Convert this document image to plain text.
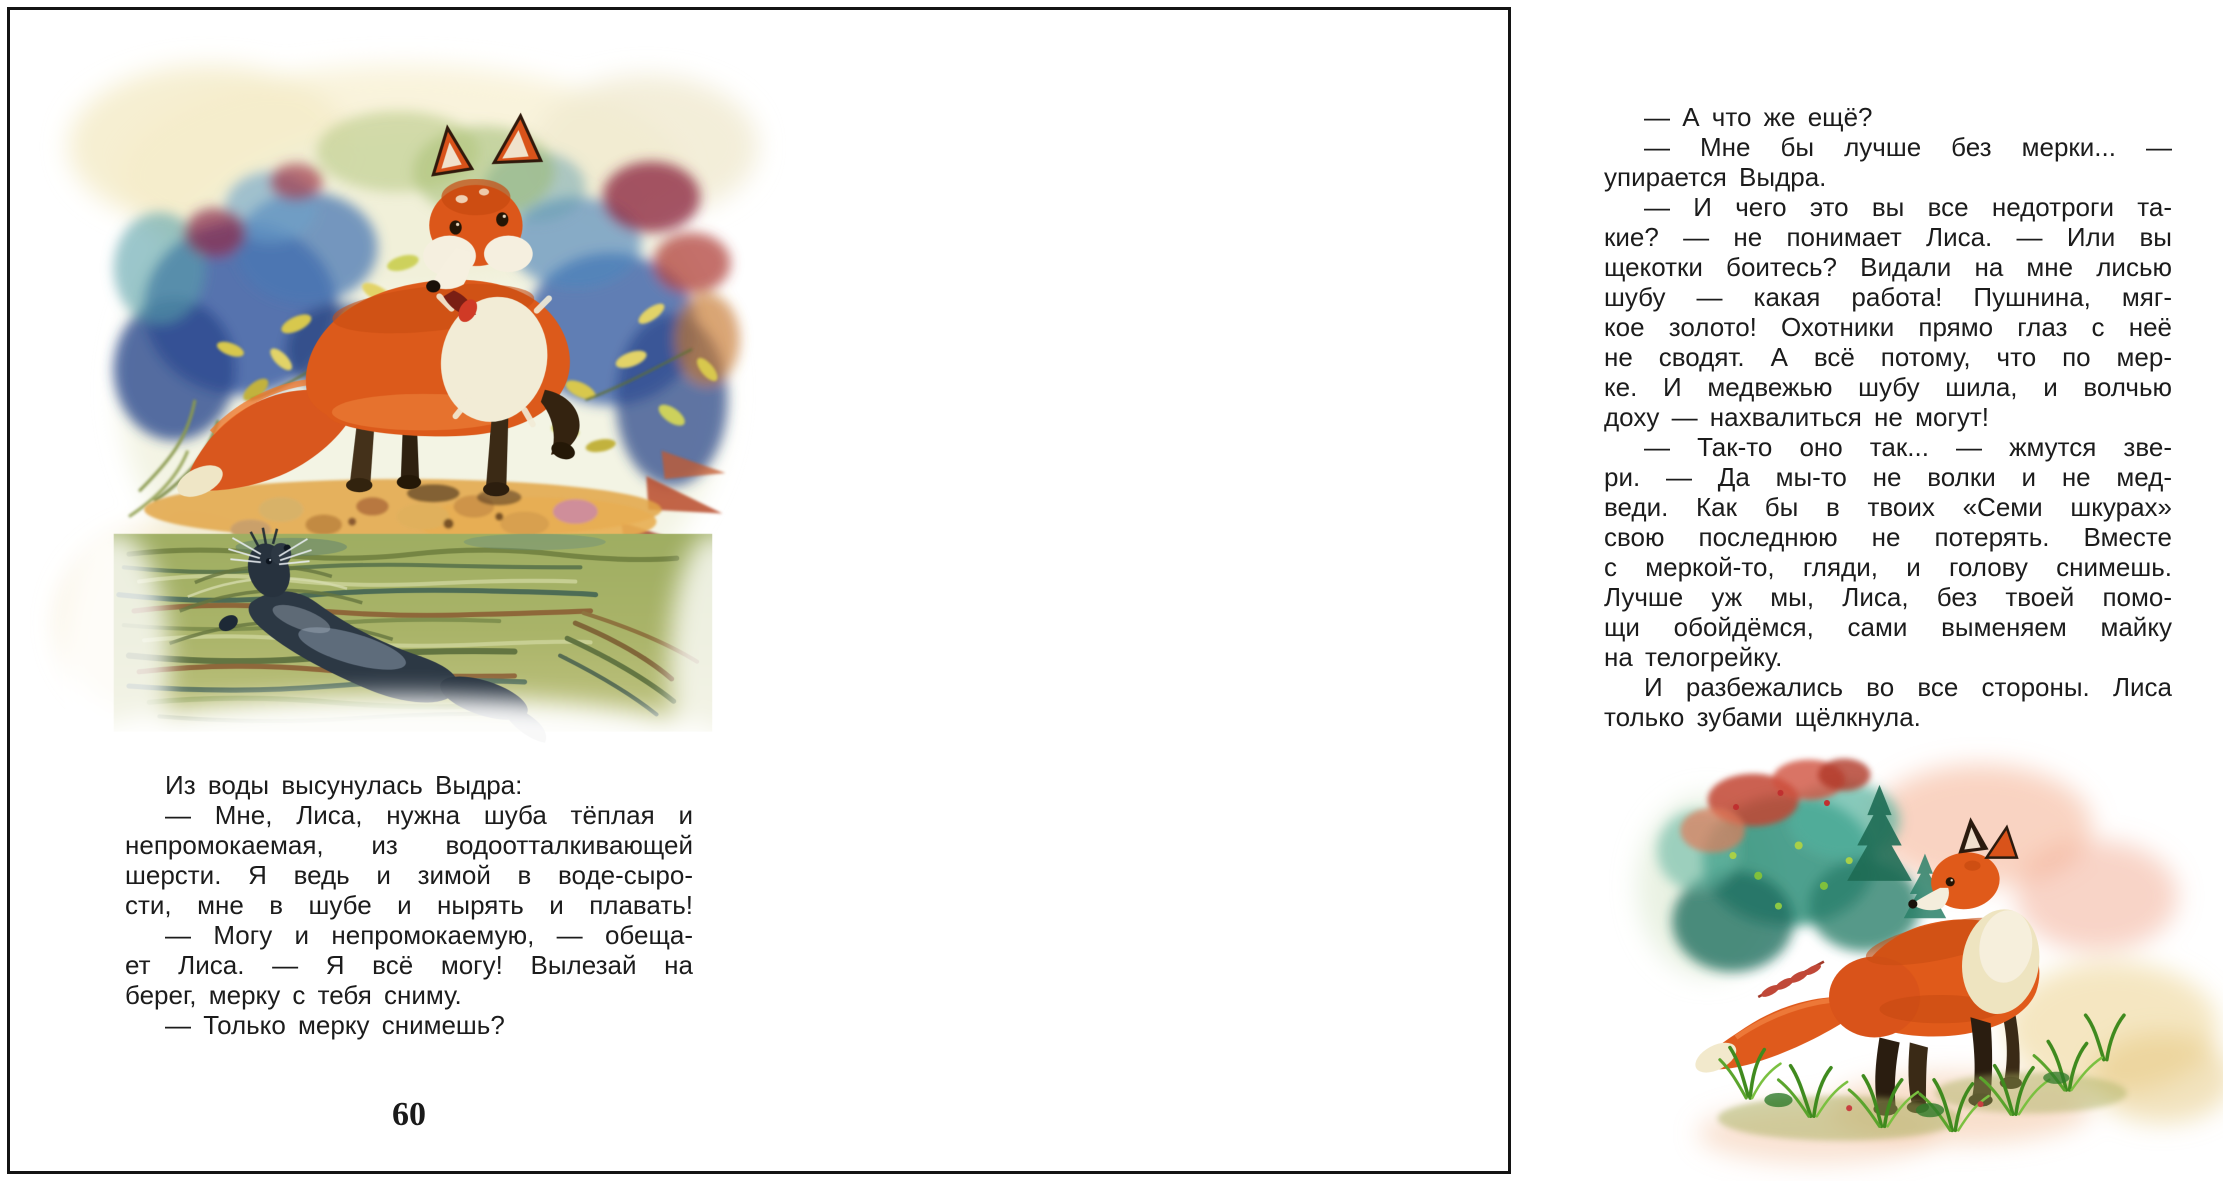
Из воды высунулась Выдра:
— Мне, Лиса, нужна шуба тёплая и
непромокаемая, из водоотталкивающей
шерсти. Я ведь и зимой в воде-сыро-
сти, мне в шубе и нырять и плавать!
— Могу и непромокаемую, — обеща-
ет Лиса. — Я всё могу! Вылезай на
берег, мерку с тебя сниму.
— Только мерку снимешь?
60
— А что же ещё?
— Мне бы лучше без мерки... —
упирается Выдра.
— И чего это вы все недотроги та-
кие? — не понимает Лиса. — Или вы
щекотки боитесь? Видали на мне лисью
шубу — какая работа! Пушнина, мяг-
кое золото! Охотники прямо глаз с неё
не сводят. А всё потому, что по мер-
ке. И медвежью шубу шила, и волчью
доху — нахвалиться не могут!
— Так-то оно так... — жмутся зве-
ри. — Да мы-то не волки и не мед-
веди. Как бы в твоих «Семи шкурах»
свою последнюю не потерять. Вместе
с меркой-то, гляди, и голову снимешь.
Лучше уж мы, Лиса, без твоей помо-
щи обойдёмся, сами выменяем майку
на телогрейку.
И разбежались во все стороны. Лиса
только зубами щёлкнула.
